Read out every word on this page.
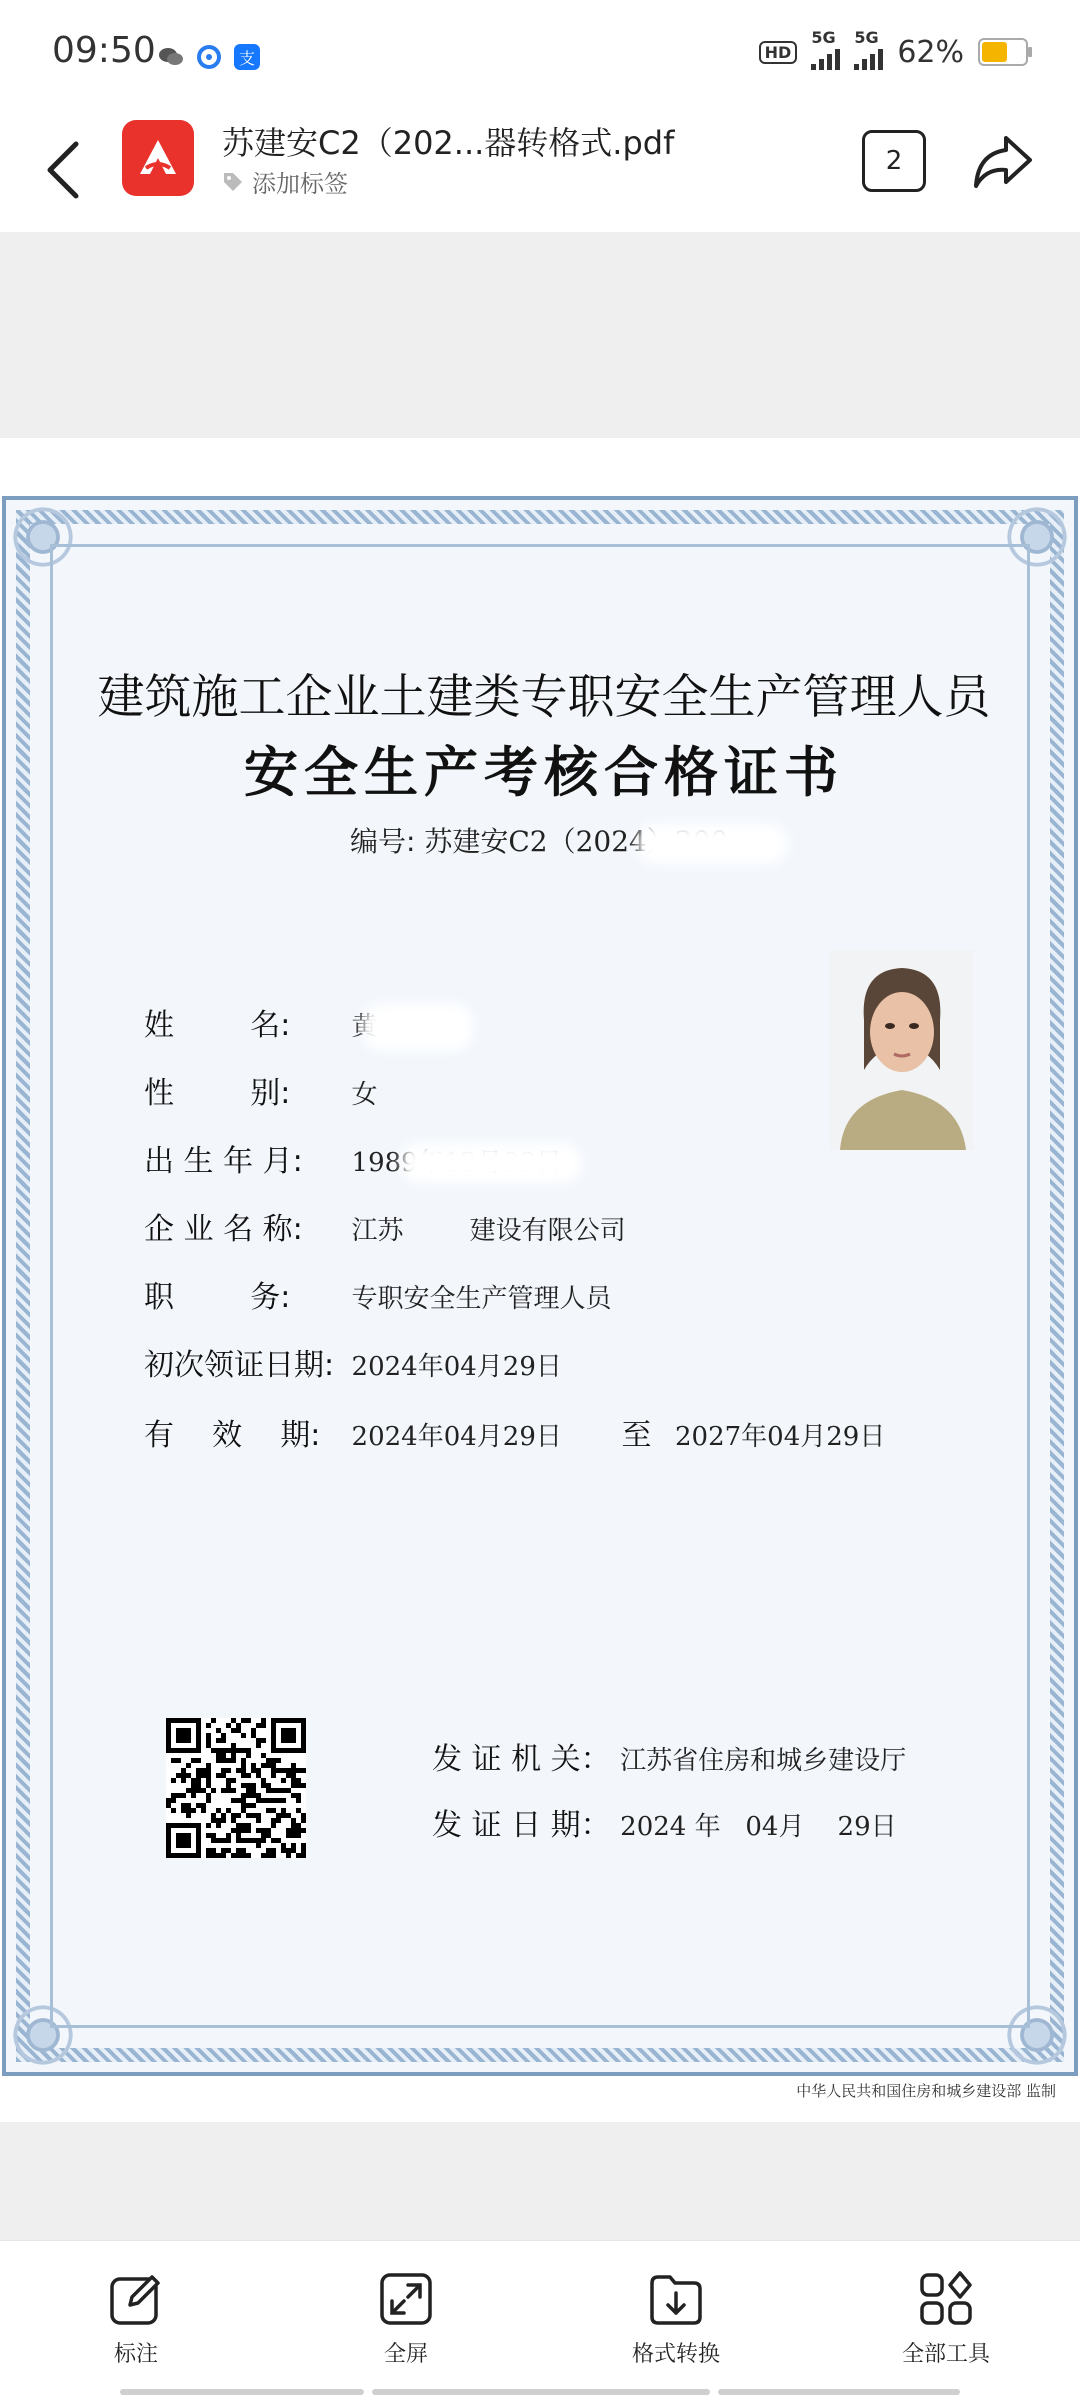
09:50	支	HD
5G 5G 62%
苏建安C2（202...器转格式.pdf
添加标签
2
建筑施工企业土建类专职安全生产管理人员
安全生产考核合格证书
编号: 苏建安C2（2024）200
姓        名: 黄
性        别: 女
出 生 年 月: 1989年12月08日
企 业 名 称: 江苏        建设有限公司
职        务: 专职安全生产管理人员
初次领证日期: 2024年04月29日
有    效    期: 2024年04月29日 至 2027年04月29日
发 证 机 关： 江苏省住房和城乡建设厅
发 证 日 期： 2024 年   04月    29日
中华人民共和国住房和城乡建设部 监制
标注	全屏	格式转换	全部工具
